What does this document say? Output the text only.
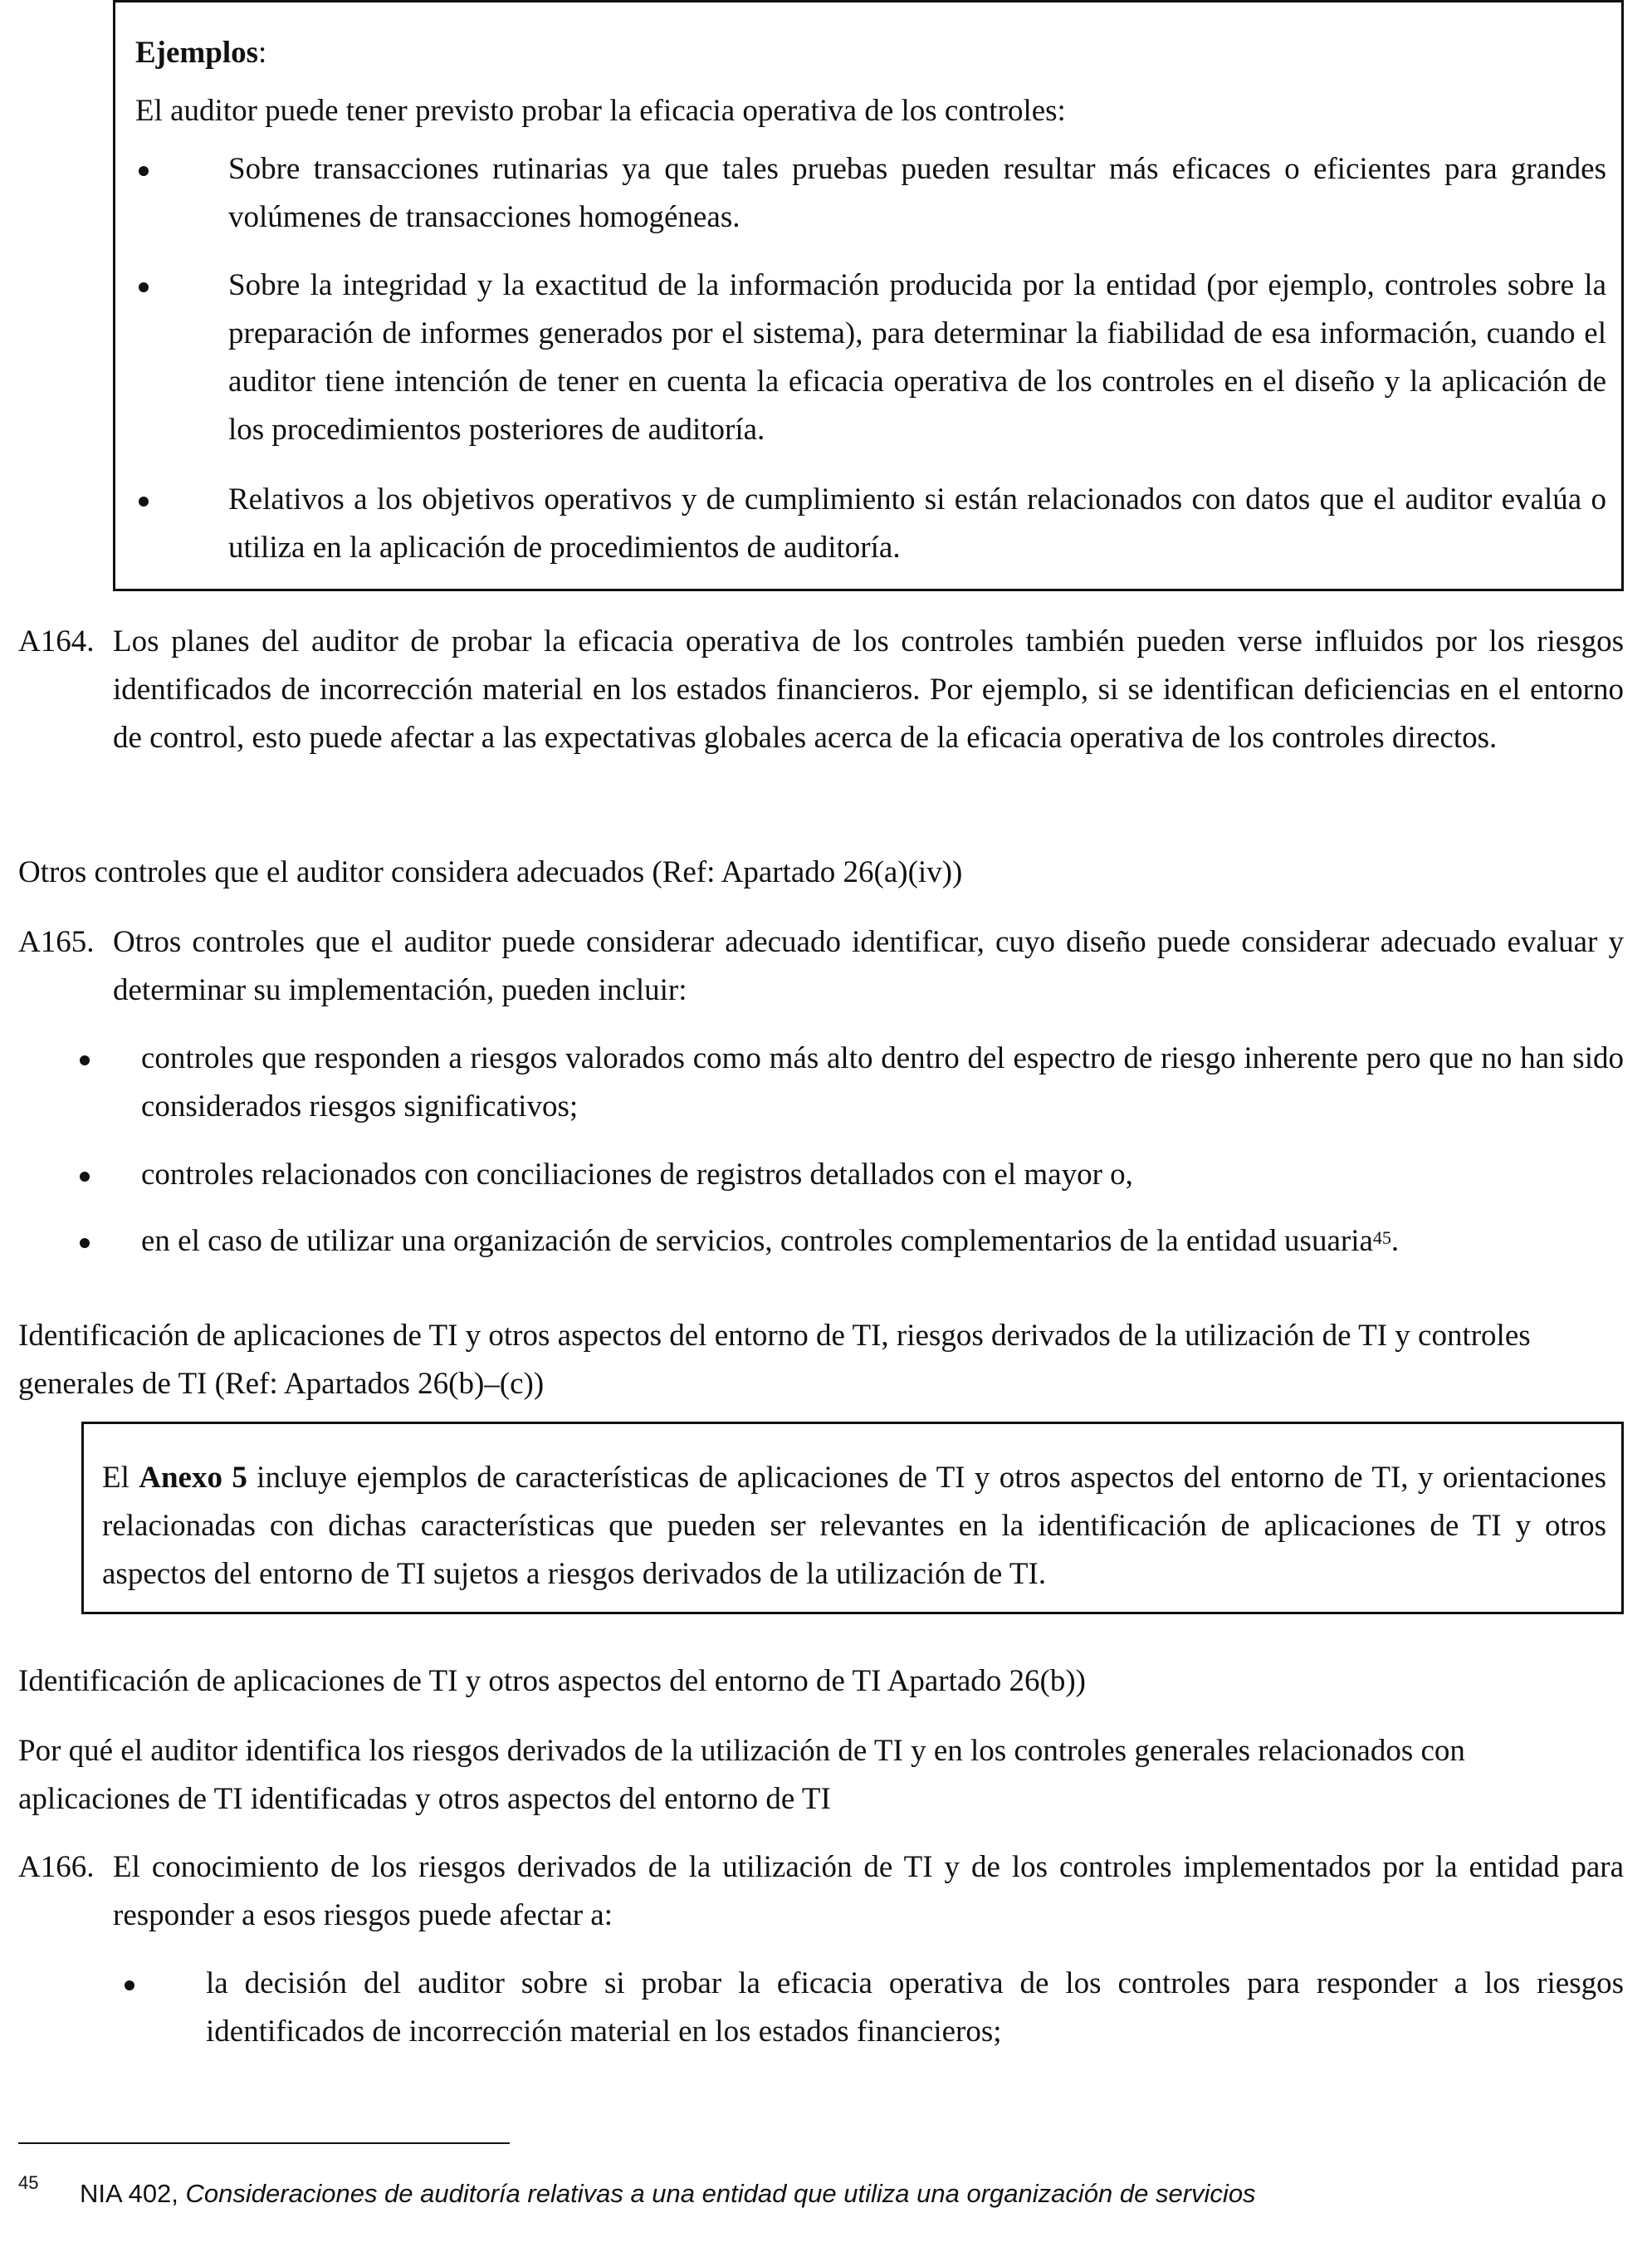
Ejemplos:
El auditor puede tener previsto probar la eficacia operativa de los controles:
Sobre transacciones rutinarias ya que tales pruebas pueden resultar más eficaces o eficientes para grandes volúmenes de transacciones homogéneas.
Sobre la integridad y la exactitud de la información producida por la entidad (por ejemplo, controles sobre la preparación de informes generados por el sistema), para determinar la fiabilidad de esa información, cuando el auditor tiene intención de tener en cuenta la eficacia operativa de los controles en el diseño y la aplicación de los procedimientos posteriores de auditoría.
Relativos a los objetivos operativos y de cumplimiento si están relacionados con datos que el auditor evalúa o utiliza en la aplicación de procedimientos de auditoría.
A164. Los planes del auditor de probar la eficacia operativa de los controles también pueden verse influidos por los riesgos identificados de incorrección material en los estados financieros. Por ejemplo, si se identifican deficiencias en el entorno de control, esto puede afectar a las expectativas globales acerca de la eficacia operativa de los controles directos.
Otros controles que el auditor considera adecuados (Ref: Apartado 26(a)(iv))
A165. Otros controles que el auditor puede considerar adecuado identificar, cuyo diseño puede considerar adecuado evaluar y determinar su implementación, pueden incluir:
controles que responden a riesgos valorados como más alto dentro del espectro de riesgo inherente pero que no han sido considerados riesgos significativos;
controles relacionados con conciliaciones de registros detallados con el mayor o,
en el caso de utilizar una organización de servicios, controles complementarios de la entidad usuaria$^{45}$.
Identificación de aplicaciones de TI y otros aspectos del entorno de TI, riesgos derivados de la utilización de TI y controles generales de TI (Ref: Apartados 26(b)–(c))
El Anexo 5 incluye ejemplos de características de aplicaciones de TI y otros aspectos del entorno de TI, y orientaciones relacionadas con dichas características que pueden ser relevantes en la identificación de aplicaciones de TI y otros aspectos del entorno de TI sujetos a riesgos derivados de la utilización de TI.
Identificación de aplicaciones de TI y otros aspectos del entorno de TI Apartado 26(b))
Por qué el auditor identifica los riesgos derivados de la utilización de TI y en los controles generales relacionados con aplicaciones de TI identificadas y otros aspectos del entorno de TI
A166. El conocimiento de los riesgos derivados de la utilización de TI y de los controles implementados por la entidad para responder a esos riesgos puede afectar a:
la decisión del auditor sobre si probar la eficacia operativa de los controles para responder a los riesgos identificados de incorrección material en los estados financieros;
45 NIA 402, Consideraciones de auditoría relativas a una entidad que utiliza una organización de servicios
